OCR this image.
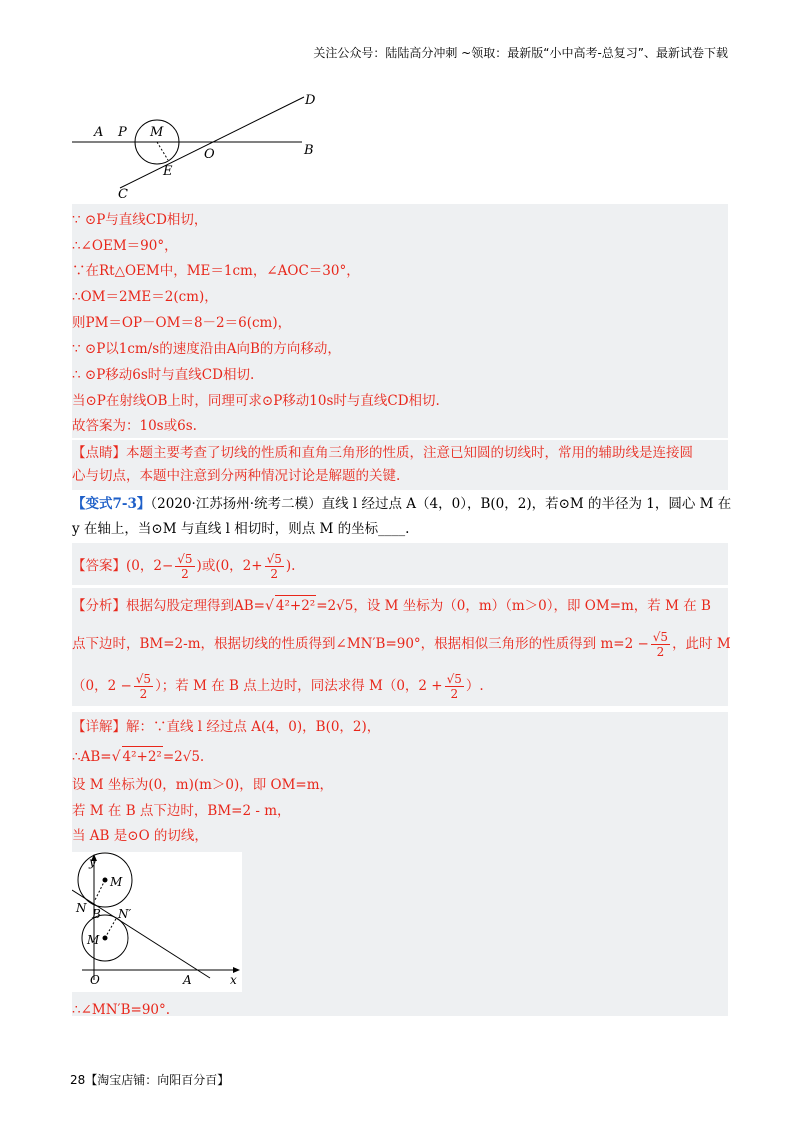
关注公众号：陆陆高分冲刺 ~领取：最新版“小中高考-总复习”、最新试卷下载
A P M
O	B
D
E
C
∵ ⊙P与直线CD相切，
∴∠OEM＝90°，
∵在Rt△OEM中，ME＝1cm，∠AOC＝30°，
∴OM＝2ME＝2(cm)，
则PM＝OP－OM＝8－2＝6(cm)，
∵ ⊙P以1cm/s的速度沿由A向B的方向移动，
∴ ⊙P移动6s时与直线CD相切.
当⊙P在射线OB上时，同理可求⊙P移动10s时与直线CD相切.
故答案为：10s或6s.
【点睛】本题主要考查了切线的性质和直角三角形的性质，注意已知圆的切线时，常用的辅助线是连接圆
心与切点，本题中注意到分两种情况讨论是解题的关键.
【变式7-3】（2020·江苏扬州·统考二模）直线 l 经过点 A（4，0），B(0，2)，若⊙M 的半径为 1，圆心 M 在
y 在轴上，当⊙M 与直线 l 相切时，则点 M 的坐标____.
【答案】(0，$2- \frac{√5}{2}$ )或(0，$2+ \frac{√5}{2}$ ).
【分析】根据勾股定理得到AB=√ 4²+2²=2√5，设 M 坐标为（0，m）（m＞0），即 OM=m，若 M 在 B
点下边时，BM=2-m，根据切线的性质得到∠MN′B=90°，根据相似三角形的性质得到 $m=2 - \frac{√5}{2}$ ，此时 M
（0，$2 - \frac{√5}{2}$ ）；若 M 在 B 点上边时，同法求得 M（0，$2 + \frac{√5}{2}$ ）.
【详解】解：∵直线 l 经过点 A(4，0)，B(0，2)，
∴AB=√ 4²+2²=2√5.
设 M 坐标为(0，m)(m＞0)，即 OM=m，
若 M 在 B 点下边时，BM=2 - m，
当 AB 是⊙O 的切线，
y
M
N B N′
M
O	A	x
∴∠MN′B=90°.
28【淘宝店铺：向阳百分百】
